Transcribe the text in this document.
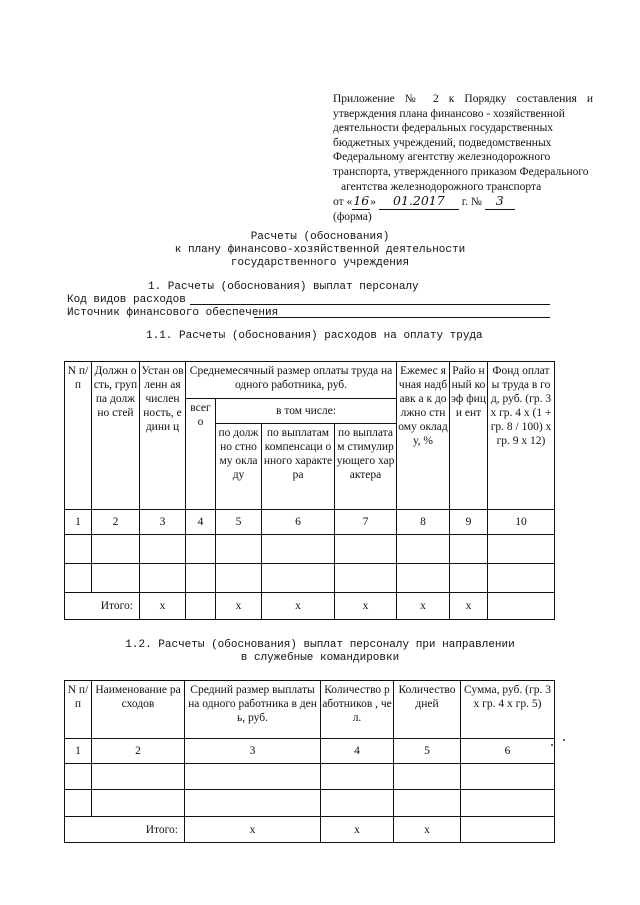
Приложение № 2 к Порядку составления и
утверждения плана финансово - хозяйственной
деятельности федеральных государственных
бюджетных учреждений, подведомственных
Федеральному агентству железнодорожного
транспорта, утвержденного приказом Федерального
агентства железнодорожного транспорта
от «16» 01.2017 г. № 3
(форма)
Расчеты (обоснования)
к плану финансово-хозяйственной деятельности
государственного учреждения
1. Расчеты (обоснования) выплат персоналу
Код видов расходов
Источник финансового обеспечения
1.1. Расчеты (обоснования) расходов на оплату труда
N п/п	Должн ость, группа должно стей	Устан овленн ая числен ность, едини ц	Среднемесячный размер оплаты труда на одного работника, руб.				Ежемес ячная надбавк а к должно стному окладу, %	Райо нный коэф фици ент	Фонд оплаты труда в год, руб. (гр. 3 х гр. 4 х (1 + гр. 8 / 100) х гр. 9 х 12)
			всег о	в том числе:					
				по должно стному окладу	по выплатам компенсаци онного характера	по выплатам стимулир ующего характера			
1	2	3	4	5	6	7	8	9	10

Итого:		х		х	х	х	х	х	
1.2. Расчеты (обоснования) выплат персоналу при направлении
в служебные командировки
N п/п	Наименование расходов	Средний размер выплаты на одного работника в день, руб.	Количество работников , чел.	Количество дней	Сумма, руб. (гр. 3 х гр. 4 х гр. 5)
1	2	3	4	5	6

Итого:		х	х	х	
